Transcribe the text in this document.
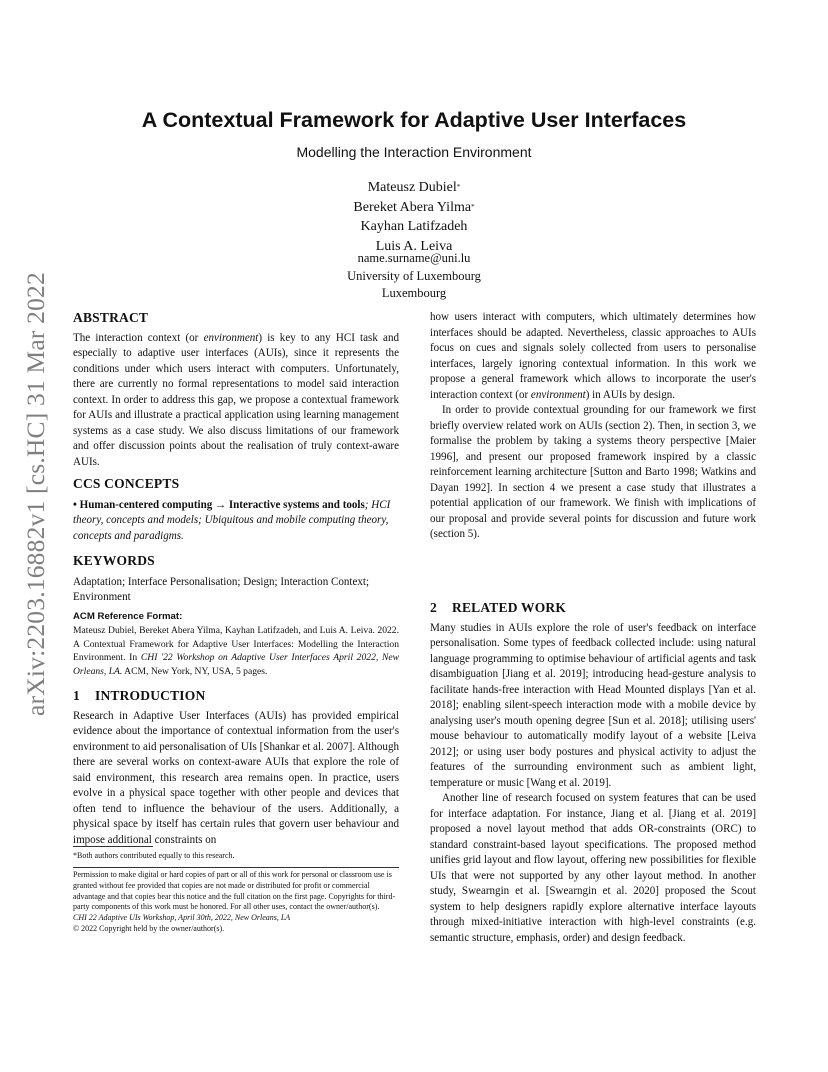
arXiv:2203.16882v1 [cs.HC] 31 Mar 2022
A Contextual Framework for Adaptive User Interfaces
Modelling the Interaction Environment
Mateusz Dubiel*
Bereket Abera Yilma*
Kayhan Latifzadeh
Luis A. Leiva
name.surname@uni.lu
University of Luxembourg
Luxembourg
ABSTRACT

The interaction context (or environment) is key to any HCI task and especially to adaptive user interfaces (AUIs), since it represents the conditions under which users interact with computers. Unfortunately, there are currently no formal representations to model said interaction context. In order to address this gap, we propose a contextual framework for AUIs and illustrate a practical application using learning management systems as a case study. We also discuss limitations of our framework and offer discussion points about the realisation of truly context-aware AUIs.

CCS CONCEPTS

• Human-centered computing → Interactive systems and tools; HCI theory, concepts and models; Ubiquitous and mobile computing theory, concepts and paradigms.

KEYWORDS

Adaptation; Interface Personalisation; Design; Interaction Context; Environment

ACM Reference Format:

Mateusz Dubiel, Bereket Abera Yilma, Kayhan Latifzadeh, and Luis A. Leiva. 2022. A Contextual Framework for Adaptive User Interfaces: Modelling the Interaction Environment. In CHI '22 Workshop on Adaptive User Interfaces April 2022, New Orleans, LA. ACM, New York, NY, USA, 5 pages.

1 INTRODUCTION

Research in Adaptive User Interfaces (AUIs) has provided empirical evidence about the importance of contextual information from the user's environment to aid personalisation of UIs [Shankar et al. 2007]. Although there are several works on context-aware AUIs that explore the role of said environment, this research area remains open. In practice, users evolve in a physical space together with other people and devices that often tend to influence the behaviour of the users. Additionally, a physical space by itself has certain rules that govern user behaviour and impose additional constraints on

*Both authors contributed equally to this research.

Permission to make digital or hard copies of part or all of this work for personal or classroom use is granted without fee provided that copies are not made or distributed for profit or commercial advantage and that copies bear this notice and the full citation on the first page. Copyrights for third-party components of this work must be honored. For all other uses, contact the owner/author(s).

CHI 22 Adaptive UIs Workshop, April 30th, 2022, New Orleans, LA

© 2022 Copyright held by the owner/author(s).

how users interact with computers, which ultimately determines how interfaces should be adapted. Nevertheless, classic approaches to AUIs focus on cues and signals solely collected from users to personalise interfaces, largely ignoring contextual information. In this work we propose a general framework which allows to incorporate the user's interaction context (or environment) in AUIs by design.

In order to provide contextual grounding for our framework we first briefly overview related work on AUIs (section 2). Then, in section 3, we formalise the problem by taking a systems theory perspective [Maier 1996], and present our proposed framework inspired by a classic reinforcement learning architecture [Sutton and Barto 1998; Watkins and Dayan 1992]. In section 4 we present a case study that illustrates a potential application of our framework. We finish with implications of our proposal and provide several points for discussion and future work (section 5).

2 RELATED WORK

Many studies in AUIs explore the role of user's feedback on interface personalisation. Some types of feedback collected include: using natural language programming to optimise behaviour of artificial agents and task disambiguation [Jiang et al. 2019]; introducing head-gesture analysis to facilitate hands-free interaction with Head Mounted displays [Yan et al. 2018]; enabling silent-speech interaction mode with a mobile device by analysing user's mouth opening degree [Sun et al. 2018]; utilising users' mouse behaviour to automatically modify layout of a website [Leiva 2012]; or using user body postures and physical activity to adjust the features of the surrounding environment such as ambient light, temperature or music [Wang et al. 2019].

Another line of research focused on system features that can be used for interface adaptation. For instance, Jiang et al. [Jiang et al. 2019] proposed a novel layout method that adds OR-constraints (ORC) to standard constraint-based layout specifications. The proposed method unifies grid layout and flow layout, offering new possibilities for flexible UIs that were not supported by any other layout method. In another study, Swearngin et al. [Swearngin et al. 2020] proposed the Scout system to help designers rapidly explore alternative interface layouts through mixed-initiative interaction with high-level constraints (e.g. semantic structure, emphasis, order) and design feedback.
